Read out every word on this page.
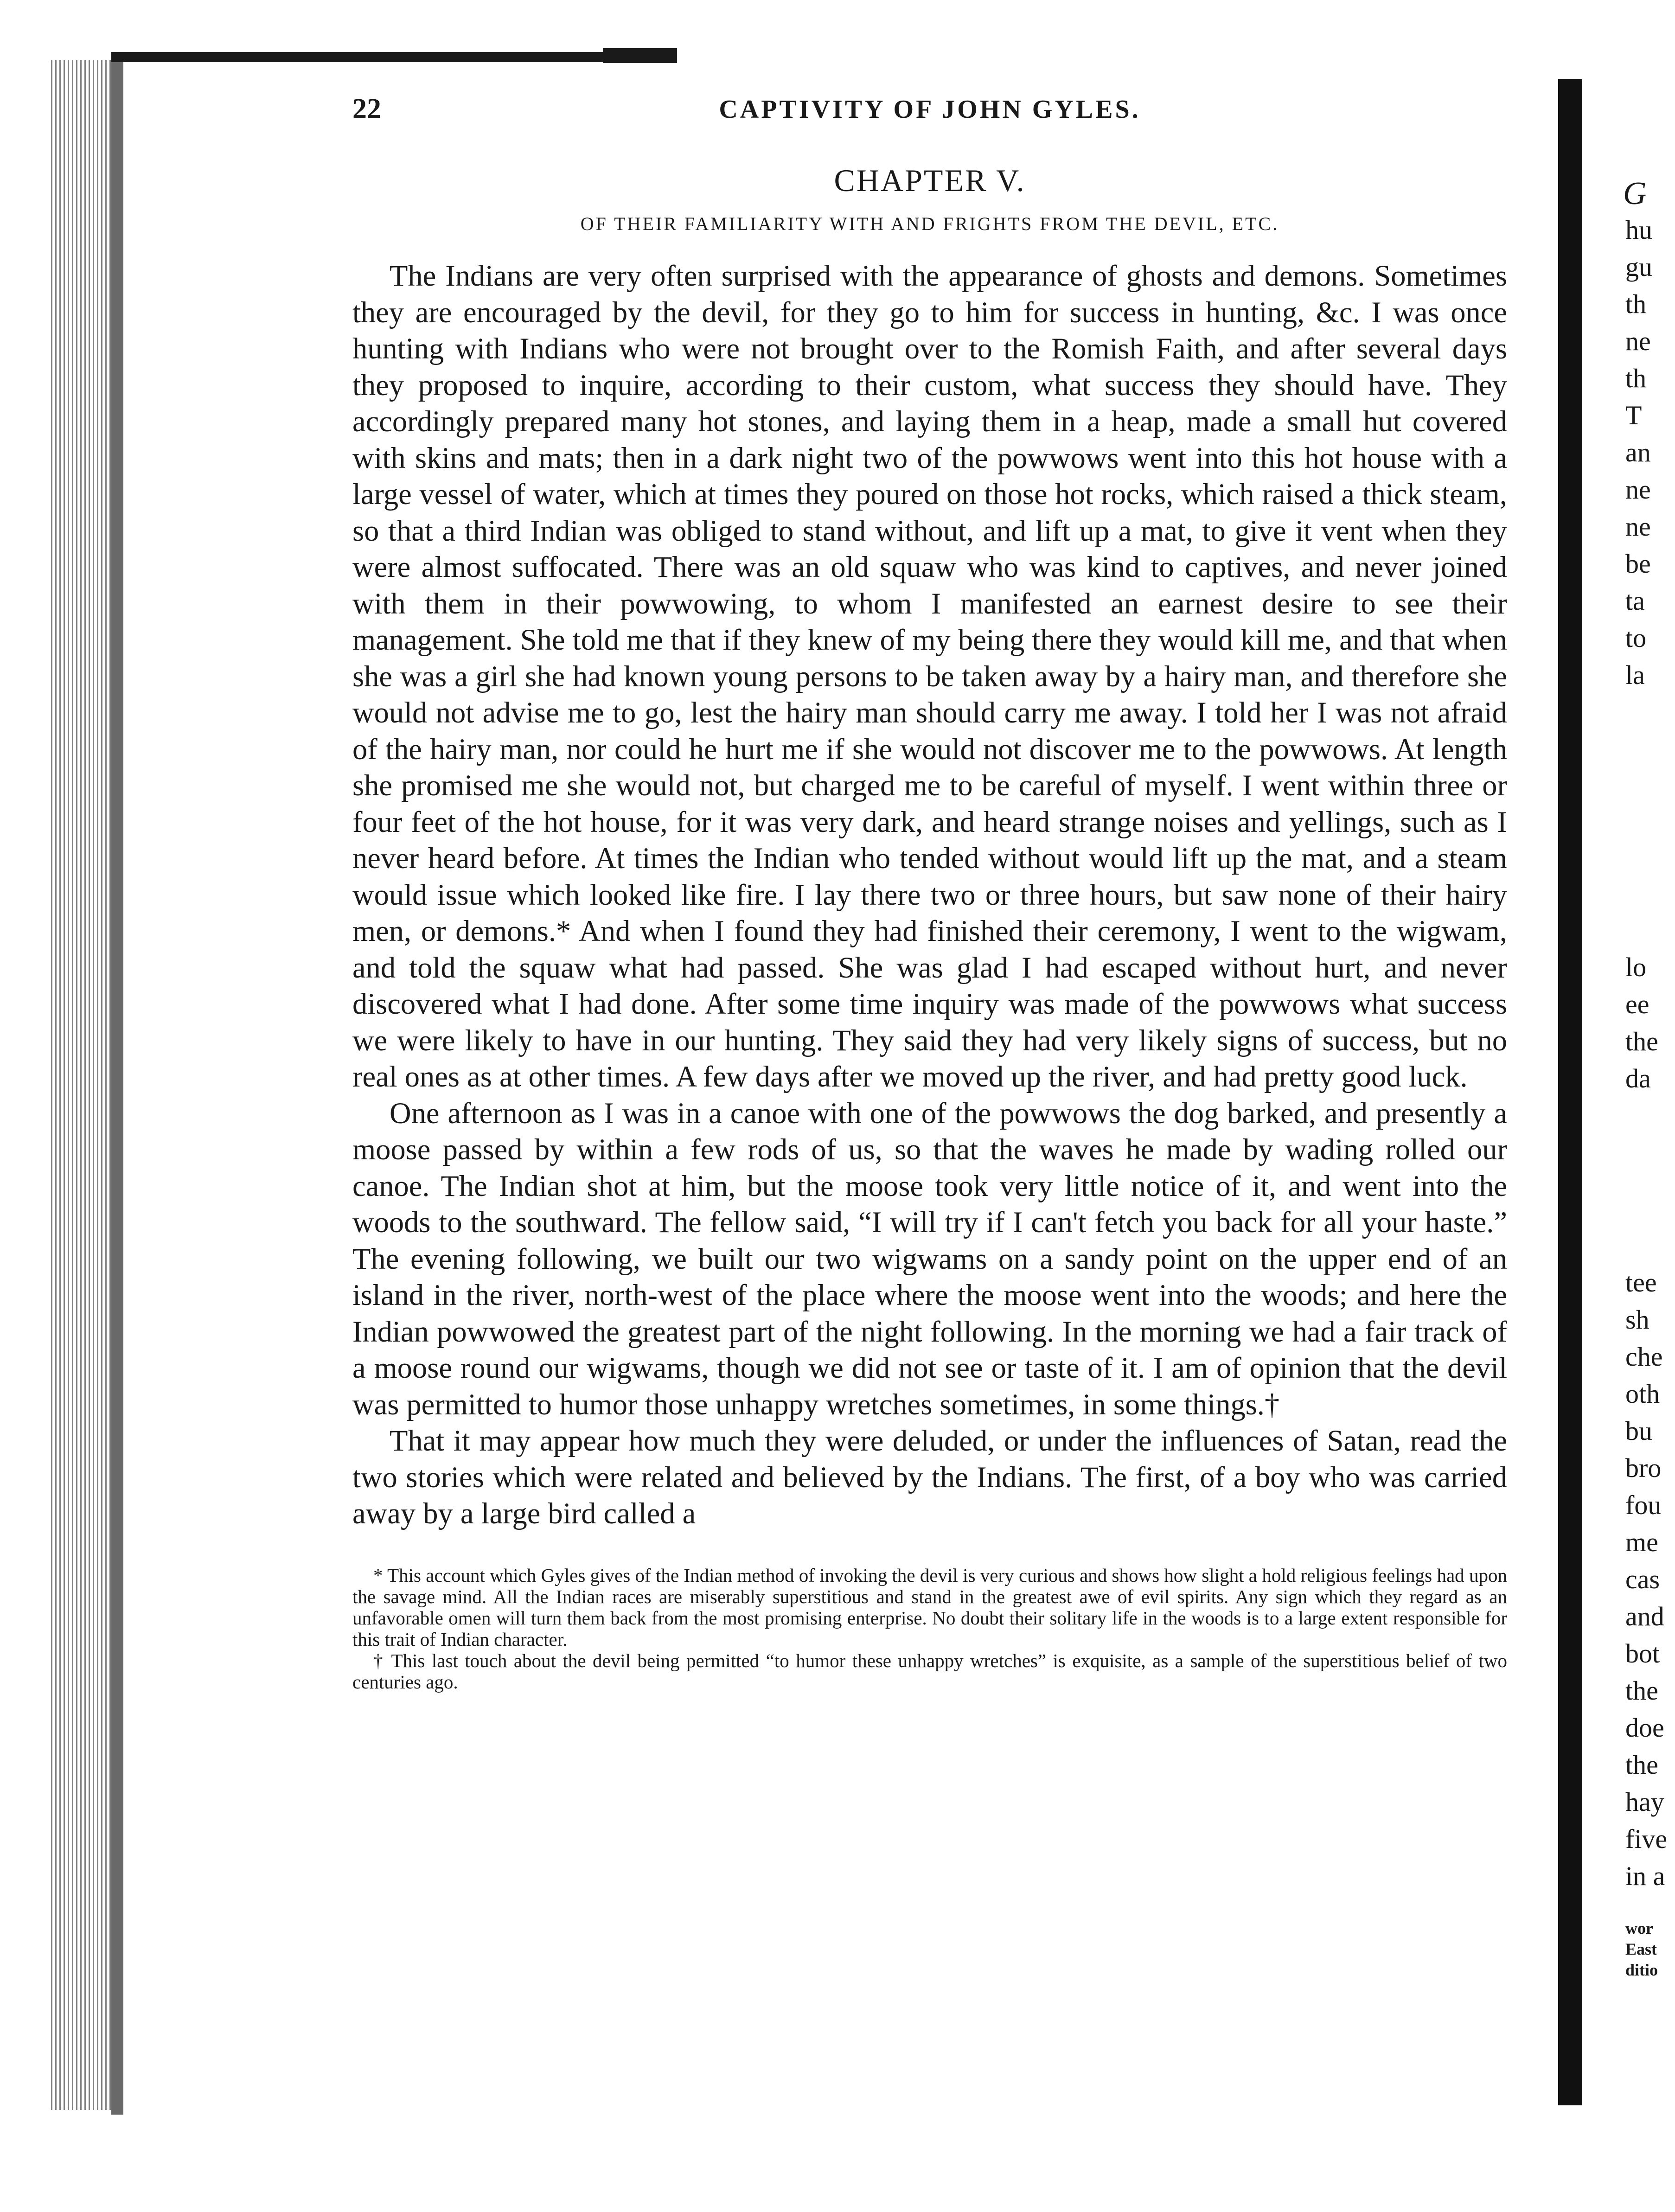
G
hu
gu
th
ne
th
T
an
ne
ne
be
ta
to
la
lo
ee
the
da
tee
sh
che
oth
bu
bro
fou
me
cas
and
bot
the
doe
the
hay
five
in a
wor
East
ditio
22	CAPTIVITY OF JOHN GYLES.
CHAPTER V.
OF THEIR FAMILIARITY WITH AND FRIGHTS FROM THE DEVIL, ETC.

The Indians are very often surprised with the appearance of ghosts and demons. Sometimes they are encouraged by the devil, for they go to him for success in hunting, &c. I was once hunting with Indians who were not brought over to the Romish Faith, and after several days they proposed to inquire, according to their custom, what success they should have. They accordingly prepared many hot stones, and laying them in a heap, made a small hut covered with skins and mats; then in a dark night two of the powwows went into this hot house with a large vessel of water, which at times they poured on those hot rocks, which raised a thick steam, so that a third Indian was obliged to stand without, and lift up a mat, to give it vent when they were almost suffocated. There was an old squaw who was kind to captives, and never joined with them in their powwowing, to whom I manifested an earnest desire to see their management. She told me that if they knew of my being there they would kill me, and that when she was a girl she had known young persons to be taken away by a hairy man, and therefore she would not advise me to go, lest the hairy man should carry me away. I told her I was not afraid of the hairy man, nor could he hurt me if she would not discover me to the powwows. At length she promised me she would not, but charged me to be careful of myself. I went within three or four feet of the hot house, for it was very dark, and heard strange noises and yellings, such as I never heard before. At times the Indian who tended without would lift up the mat, and a steam would issue which looked like fire. I lay there two or three hours, but saw none of their hairy men, or demons.* And when I found they had finished their ceremony, I went to the wigwam, and told the squaw what had passed. She was glad I had escaped without hurt, and never discovered what I had done. After some time inquiry was made of the powwows what success we were likely to have in our hunting. They said they had very likely signs of success, but no real ones as at other times. A few days after we moved up the river, and had pretty good luck.

One afternoon as I was in a canoe with one of the powwows the dog barked, and presently a moose passed by within a few rods of us, so that the waves he made by wading rolled our canoe. The Indian shot at him, but the moose took very little notice of it, and went into the woods to the southward. The fellow said, “I will try if I can't fetch you back for all your haste.” The evening following, we built our two wigwams on a sandy point on the upper end of an island in the river, north-west of the place where the moose went into the woods; and here the Indian powwowed the greatest part of the night following. In the morning we had a fair track of a moose round our wigwams, though we did not see or taste of it. I am of opinion that the devil was permitted to humor those unhappy wretches sometimes, in some things.†

That it may appear how much they were deluded, or under the influences of Satan, read the two stories which were related and believed by the Indians. The first, of a boy who was carried away by a large bird called a

* This account which Gyles gives of the Indian method of invoking the devil is very curious and shows how slight a hold religious feelings had upon the savage mind. All the Indian races are miserably superstitious and stand in the greatest awe of evil spirits. Any sign which they regard as an unfavorable omen will turn them back from the most promising enterprise. No doubt their solitary life in the woods is to a large extent responsible for this trait of Indian character.

† This last touch about the devil being permitted “to humor these unhappy wretches” is exquisite, as a sample of the superstitious belief of two centuries ago.
